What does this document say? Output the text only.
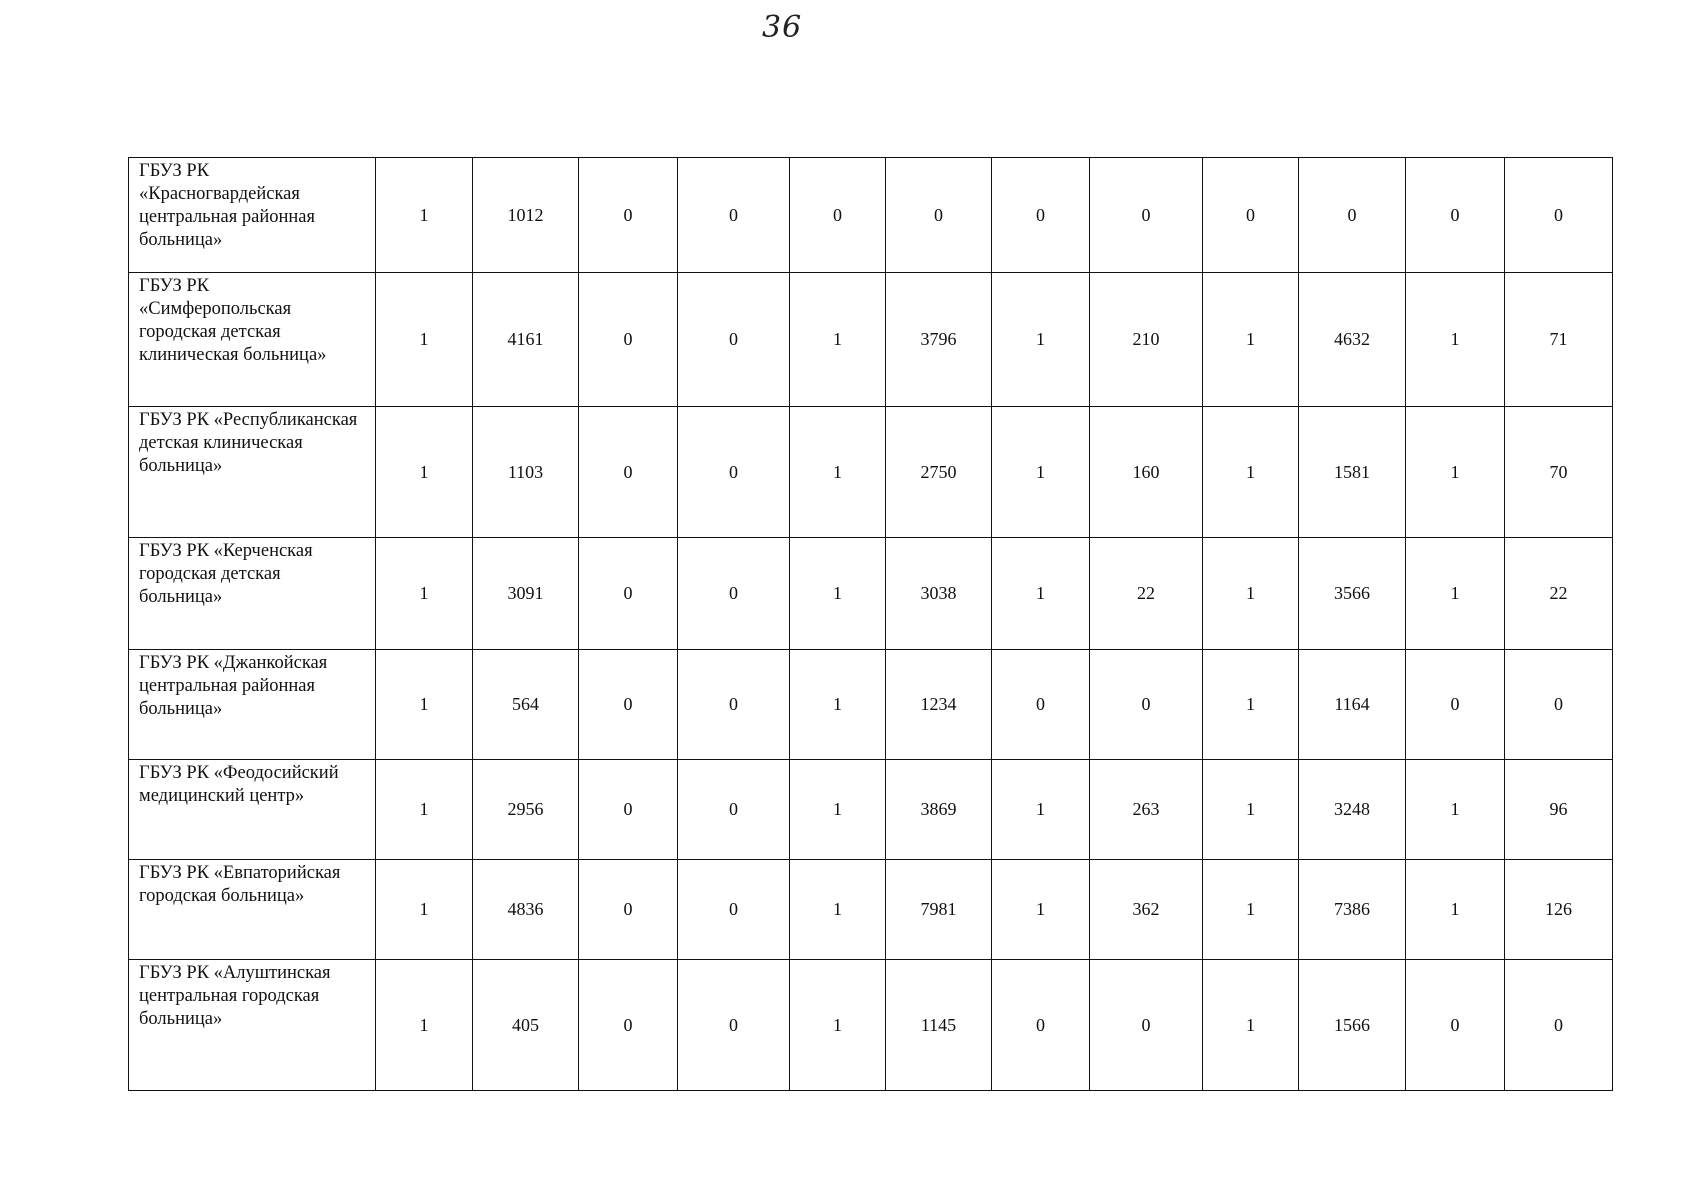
36
ГБУЗ РК «Красногвардейская центральная районная больница»	1	1012	0	0	0	0	0	0	0	0	0	0
ГБУЗ РК «Симферопольская городская детская клиническая больница»	1	4161	0	0	1	3796	1	210	1	4632	1	71
ГБУЗ РК «Республиканская детская клиническая больница»	1	1103	0	0	1	2750	1	160	1	1581	1	70
ГБУЗ РК «Керченская городская детская больница»	1	3091	0	0	1	3038	1	22	1	3566	1	22
ГБУЗ РК «Джанкойская центральная районная больница»	1	564	0	0	1	1234	0	0	1	1164	0	0
ГБУЗ РК «Феодосийский медицинский центр»	1	2956	0	0	1	3869	1	263	1	3248	1	96
ГБУЗ РК «Евпаторийская городская больница»	1	4836	0	0	1	7981	1	362	1	7386	1	126
ГБУЗ РК «Алуштинская центральная городская больница»	1	405	0	0	1	1145	0	0	1	1566	0	0
